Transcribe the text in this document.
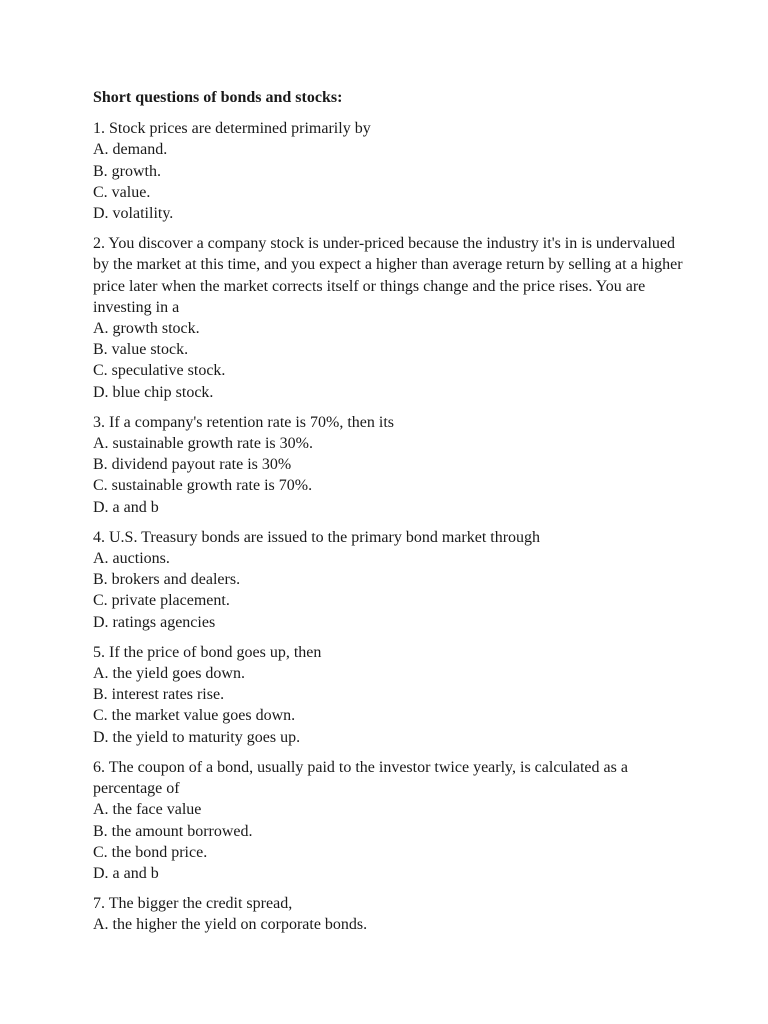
Short questions of bonds and stocks:
1. Stock prices are determined primarily by
A. demand.
B. growth.
C. value.
D. volatility.
2. You discover a company stock is under-priced because the industry it's in is undervalued by the market at this time, and you expect a higher than average return by selling at a higher price later when the market corrects itself or things change and the price rises. You are investing in a
A. growth stock.
B. value stock.
C. speculative stock.
D. blue chip stock.
3. If a company's retention rate is 70%, then its
A. sustainable growth rate is 30%.
B. dividend payout rate is 30%
C. sustainable growth rate is 70%.
D. a and b
4. U.S. Treasury bonds are issued to the primary bond market through
A. auctions.
B. brokers and dealers.
C. private placement.
D. ratings agencies
5. If the price of bond goes up, then
A. the yield goes down.
B. interest rates rise.
C. the market value goes down.
D. the yield to maturity goes up.
6. The coupon of a bond, usually paid to the investor twice yearly, is calculated as a percentage of
A. the face value
B. the amount borrowed.
C. the bond price.
D. a and b
7. The bigger the credit spread,
A. the higher the yield on corporate bonds.
